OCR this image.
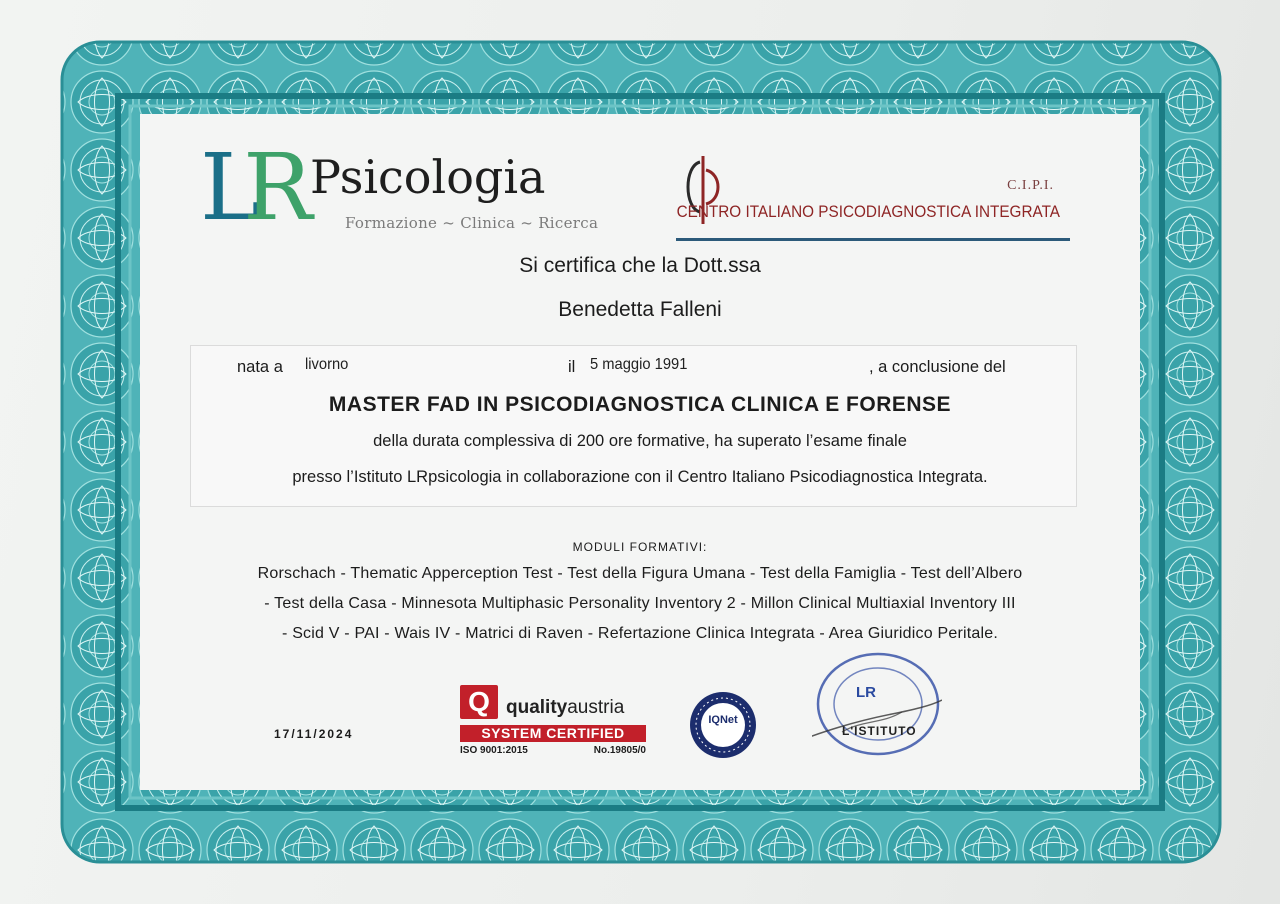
LR Psicologia
Formazione ~ Clinica ~ Ricerca
C.I.P.I.
CENTRO ITALIANO PSICODIAGNOSTICA INTEGRATA
Si certifica che la Dott.ssa
Benedetta Falleni
nata a livorno	il 5 maggio 1991	, a conclusione del
MASTER FAD IN PSICODIAGNOSTICA CLINICA E FORENSE
della durata complessiva di 200 ore formative, ha superato l’esame finale
presso l’Istituto LRpsicologia in collaborazione con il Centro Italiano Psicodiagnostica Integrata.
MODULI FORMATIVI:
Rorschach - Thematic Apperception Test - Test della Figura Umana - Test della Famiglia - Test dell’Albero
- Test della Casa - Minnesota Multiphasic Personality Inventory 2 - Millon Clinical Multiaxial Inventory III
- Scid V - PAI - Wais IV - Matrici di Raven - Refertazione Clinica Integrata - Area Giuridico Peritale.
17/11/2024
Q qualityaustria
SYSTEM CERTIFIED
ISO 9001:2015	No.19805/0
IQNet
LR
L'ISTITUTO
